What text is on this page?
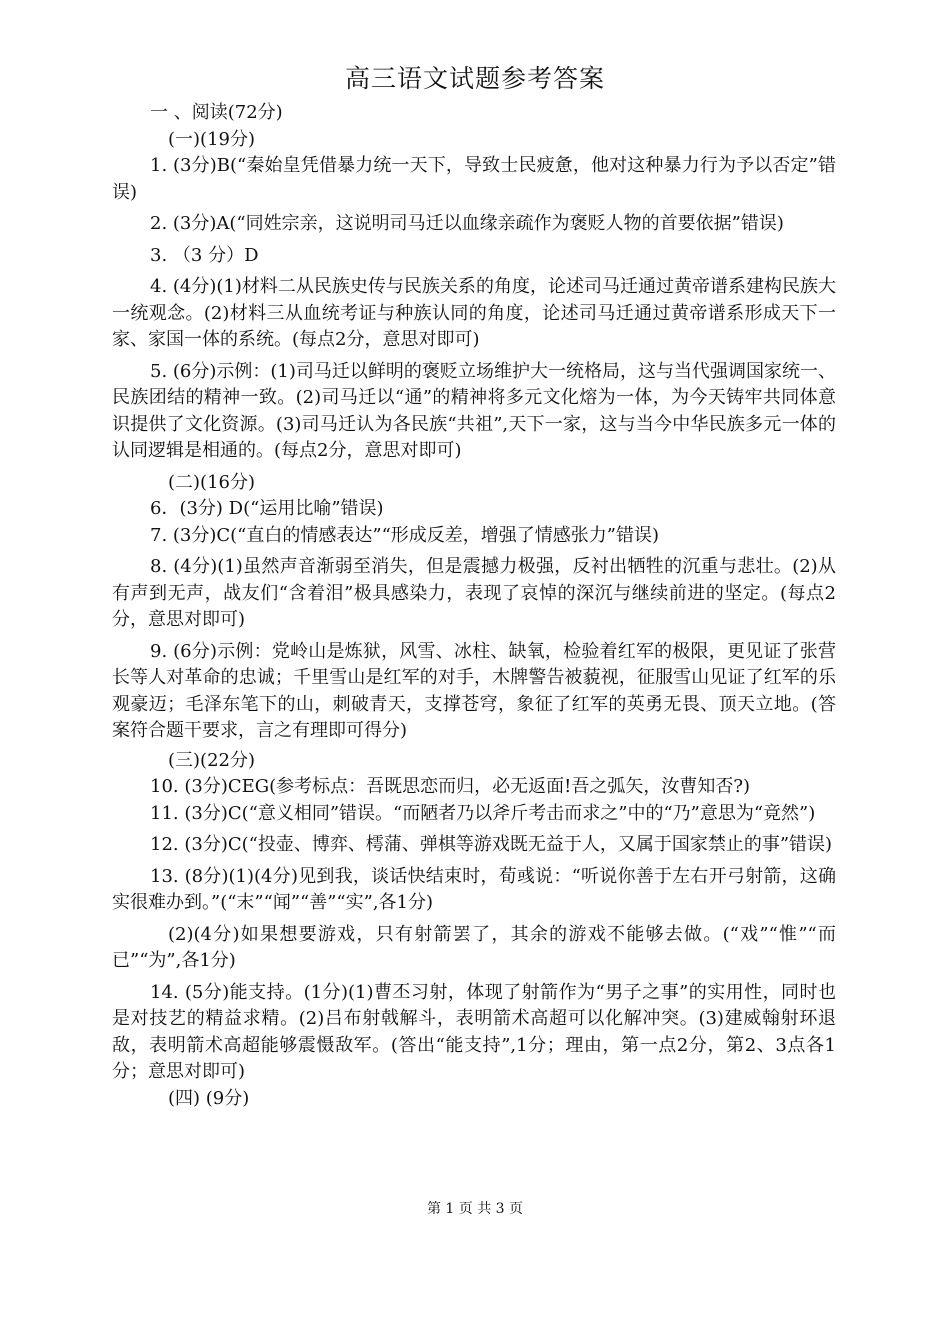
高三语文试题参考答案

一 、阅读(72分)

(一)(19分)

1. (3分)B(“秦始皇凭借暴力统一天下，导致士民疲惫，他对这种暴力行为予以否定”错误)

2. (3分)A(“同姓宗亲，这说明司马迁以血缘亲疏作为褒贬人物的首要依据”错误)

3. （3 分）D

4. (4分)(1)材料二从民族史传与民族关系的角度，论述司马迁通过黄帝谱系建构民族大一统观念。(2)材料三从血统考证与种族认同的角度，论述司马迁通过黄帝谱系形成天下一家、家国一体的系统。(每点2分，意思对即可)

5. (6分)示例：(1)司马迁以鲜明的褒贬立场维护大一统格局，这与当代强调国家统一、民族团结的精神一致。(2)司马迁以“通”的精神将多元文化熔为一体，为今天铸牢共同体意识提供了文化资源。(3)司马迁认为各民族“共祖”,天下一家，这与当今中华民族多元一体的认同逻辑是相通的。(每点2分，意思对即可)

(二)(16分)

6．(3分) D(“运用比喻”错误)

7. (3分)C(“直白的情感表达”“形成反差，增强了情感张力”错误)

8. (4分)(1)虽然声音渐弱至消失，但是震撼力极强，反衬出牺牲的沉重与悲壮。(2)从有声到无声，战友们“含着泪”极具感染力，表现了哀悼的深沉与继续前进的坚定。(每点2分，意思对即可)

9. (6分)示例：党岭山是炼狱，风雪、冰柱、缺氧，检验着红军的极限，更见证了张营长等人对革命的忠诚；千里雪山是红军的对手，木牌警告被藐视，征服雪山见证了红军的乐观豪迈；毛泽东笔下的山，刺破青天，支撑苍穹，象征了红军的英勇无畏、顶天立地。(答案符合题干要求，言之有理即可得分)

(三)(22分)

10. (3分)CEG(参考标点：吾既思恋而归，必无返面!吾之弧矢，汝曹知否?)

11. (3分)C(“意义相同”错误。“而陋者乃以斧斤考击而求之”中的“乃”意思为“竟然”)

12. (3分)C(“投壶、博弈、樗蒲、弹棋等游戏既无益于人，又属于国家禁止的事”错误)

13. (8分)(1)(4分)见到我，谈话快结束时，荀彧说：“听说你善于左右开弓射箭，这确实很难办到。”(“末”“闻”“善”“实”,各1分)

(2)(4分)如果想要游戏，只有射箭罢了，其余的游戏不能够去做。(“戏”“惟”“而已”“为”,各1分)

14. (5分)能支持。(1分)(1)曹丕习射，体现了射箭作为“男子之事”的实用性，同时也是对技艺的精益求精。(2)吕布射戟解斗，表明箭术高超可以化解冲突。(3)建威翰射环退敌，表明箭术高超能够震慑敌军。(答出“能支持”,1分；理由，第一点2分，第2、3点各1分；意思对即可)

(四) (9分)

第 1 页 共 3 页
